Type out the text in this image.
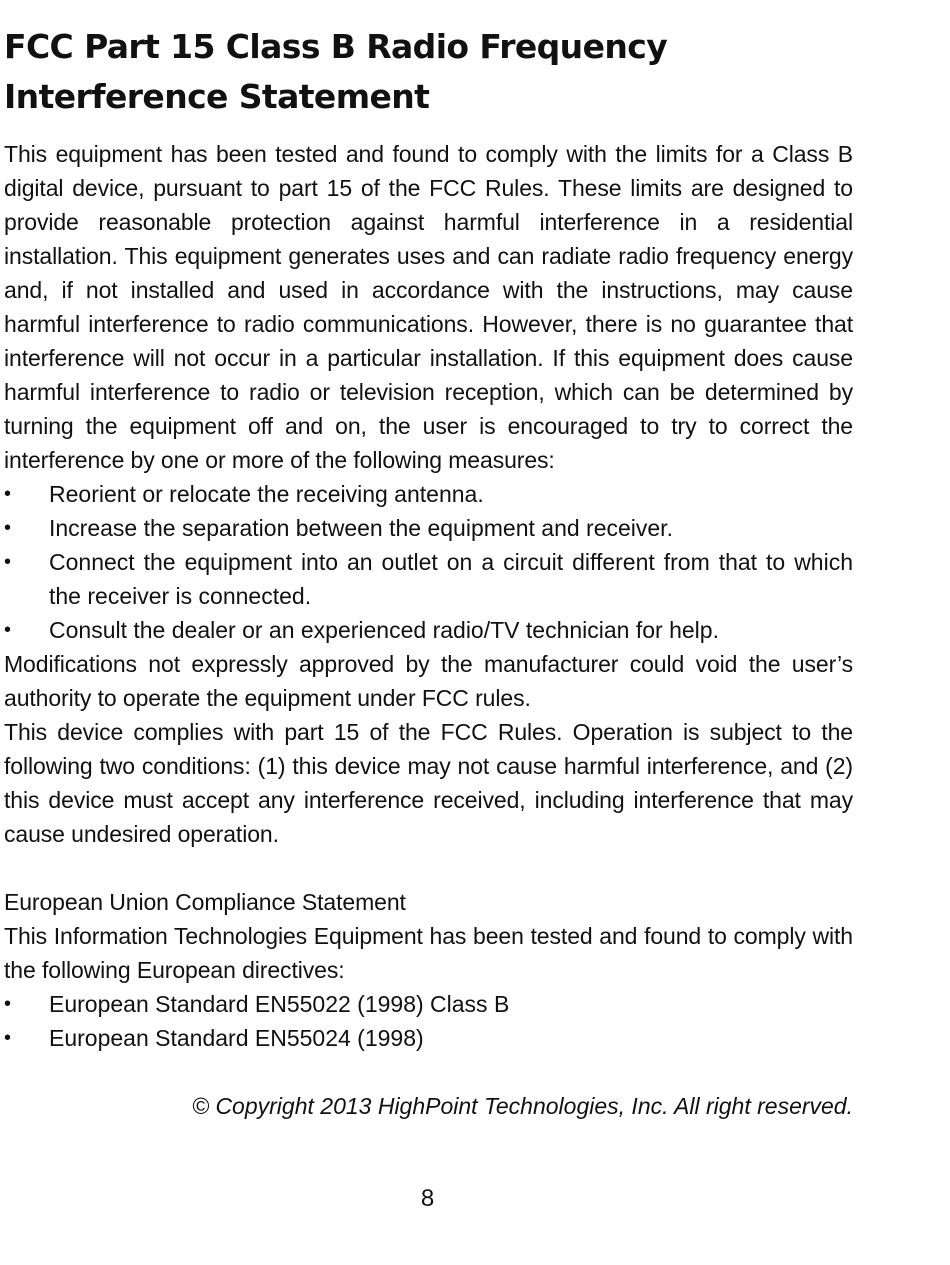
FCC Part 15 Class B Radio Frequency Interference Statement

This equipment has been tested and found to comply with the limits for a Class B digital device, pursuant to part 15 of the FCC Rules. These limits are designed to provide reasonable protection against harmful interference in a residential installation. This equipment generates uses and can radiate radio frequency energy and, if not installed and used in accordance with the instructions, may cause harmful interference to radio communications. However, there is no guarantee that interference will not occur in a particular installation. If this equipment does cause harmful interference to radio or television reception, which can be determined by turning the equipment off and on, the user is encouraged to try to correct the interference by one or more of the following measures:

•	Reorient or relocate the receiving antenna.
•	Increase the separation between the equipment and receiver.
•	Connect the equipment into an outlet on a circuit different from that to which the receiver is connected.
•	Consult the dealer or an experienced radio/TV technician for help.

Modifications not expressly approved by the manufacturer could void the user’s authority to operate the equipment under FCC rules.

This device complies with part 15 of the FCC Rules. Operation is subject to the following two conditions: (1) this device may not cause harmful interference, and (2) this device must accept any interference received, including interference that may cause undesired operation.

European Union Compliance Statement

This Information Technologies Equipment has been tested and found to comply with the following European directives:

•	European Standard EN55022 (1998) Class B
•	European Standard EN55024 (1998)

© Copyright 2013 HighPoint Technologies, Inc. All right reserved.

8
